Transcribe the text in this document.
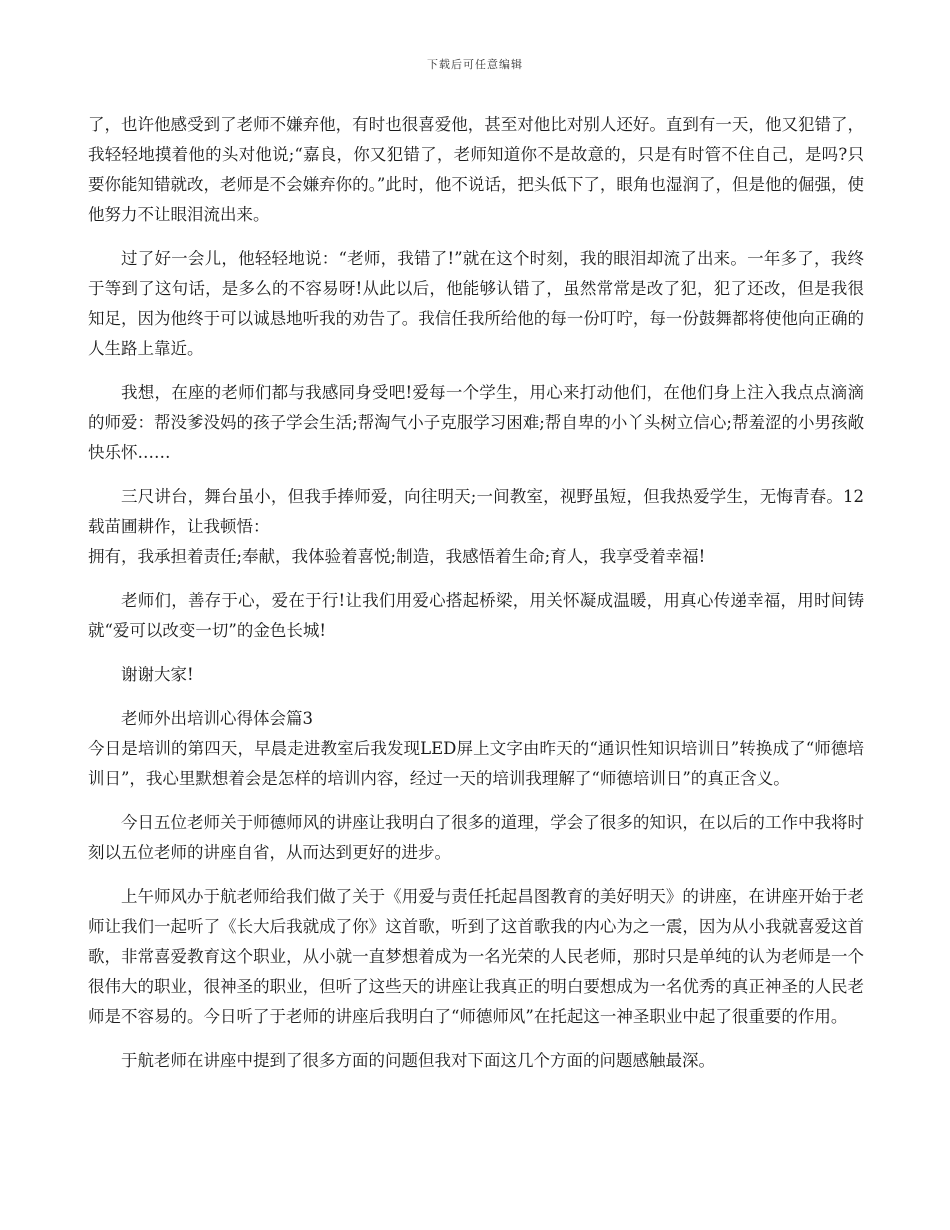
下载后可任意编辑

了，也许他感受到了老师不嫌弃他，有时也很喜爱他，甚至对他比对别人还好。直到有一天，他又犯错了，我轻轻地摸着他的头对他说;“嘉良，你又犯错了，老师知道你不是故意的，只是有时管不住自己，是吗?只要你能知错就改，老师是不会嫌弃你的。”此时，他不说话，把头低下了，眼角也湿润了，但是他的倔强，使他努力不让眼泪流出来。

过了好一会儿，他轻轻地说：“老师，我错了!”就在这个时刻，我的眼泪却流了出来。一年多了，我终于等到了这句话，是多么的不容易呀!从此以后，他能够认错了，虽然常常是改了犯，犯了还改，但是我很知足，因为他终于可以诚恳地听我的劝告了。我信任我所给他的每一份叮咛，每一份鼓舞都将使他向正确的人生路上靠近。

我想，在座的老师们都与我感同身受吧!爱每一个学生，用心来打动他们，在他们身上注入我点点滴滴的师爱：帮没爹没妈的孩子学会生活;帮淘气小子克服学习困难;帮自卑的小丫头树立信心;帮羞涩的小男孩敞快乐怀……

三尺讲台，舞台虽小，但我手捧师爱，向往明天;一间教室，视野虽短，但我热爱学生，无悔青春。12载苗圃耕作，让我顿悟：

拥有，我承担着责任;奉献，我体验着喜悦;制造，我感悟着生命;育人，我享受着幸福!

老师们，善存于心，爱在于行!让我们用爱心搭起桥梁，用关怀凝成温暖，用真心传递幸福，用时间铸就“爱可以改变一切”的金色长城!

谢谢大家!

老师外出培训心得体会篇3

今日是培训的第四天，早晨走进教室后我发现LED屏上文字由昨天的“通识性知识培训日”转换成了“师德培训日”，我心里默想着会是怎样的培训内容，经过一天的培训我理解了“师德培训日”的真正含义。

今日五位老师关于师德师风的讲座让我明白了很多的道理，学会了很多的知识，在以后的工作中我将时刻以五位老师的讲座自省，从而达到更好的进步。

上午师风办于航老师给我们做了关于《用爱与责任托起昌图教育的美好明天》的讲座，在讲座开始于老师让我们一起听了《长大后我就成了你》这首歌，听到了这首歌我的内心为之一震，因为从小我就喜爱这首歌，非常喜爱教育这个职业，从小就一直梦想着成为一名光荣的人民老师，那时只是单纯的认为老师是一个很伟大的职业，很神圣的职业，但听了这些天的讲座让我真正的明白要想成为一名优秀的真正神圣的人民老师是不容易的。今日听了于老师的讲座后我明白了“师德师风”在托起这一神圣职业中起了很重要的作用。

于航老师在讲座中提到了很多方面的问题但我对下面这几个方面的问题感触最深。
